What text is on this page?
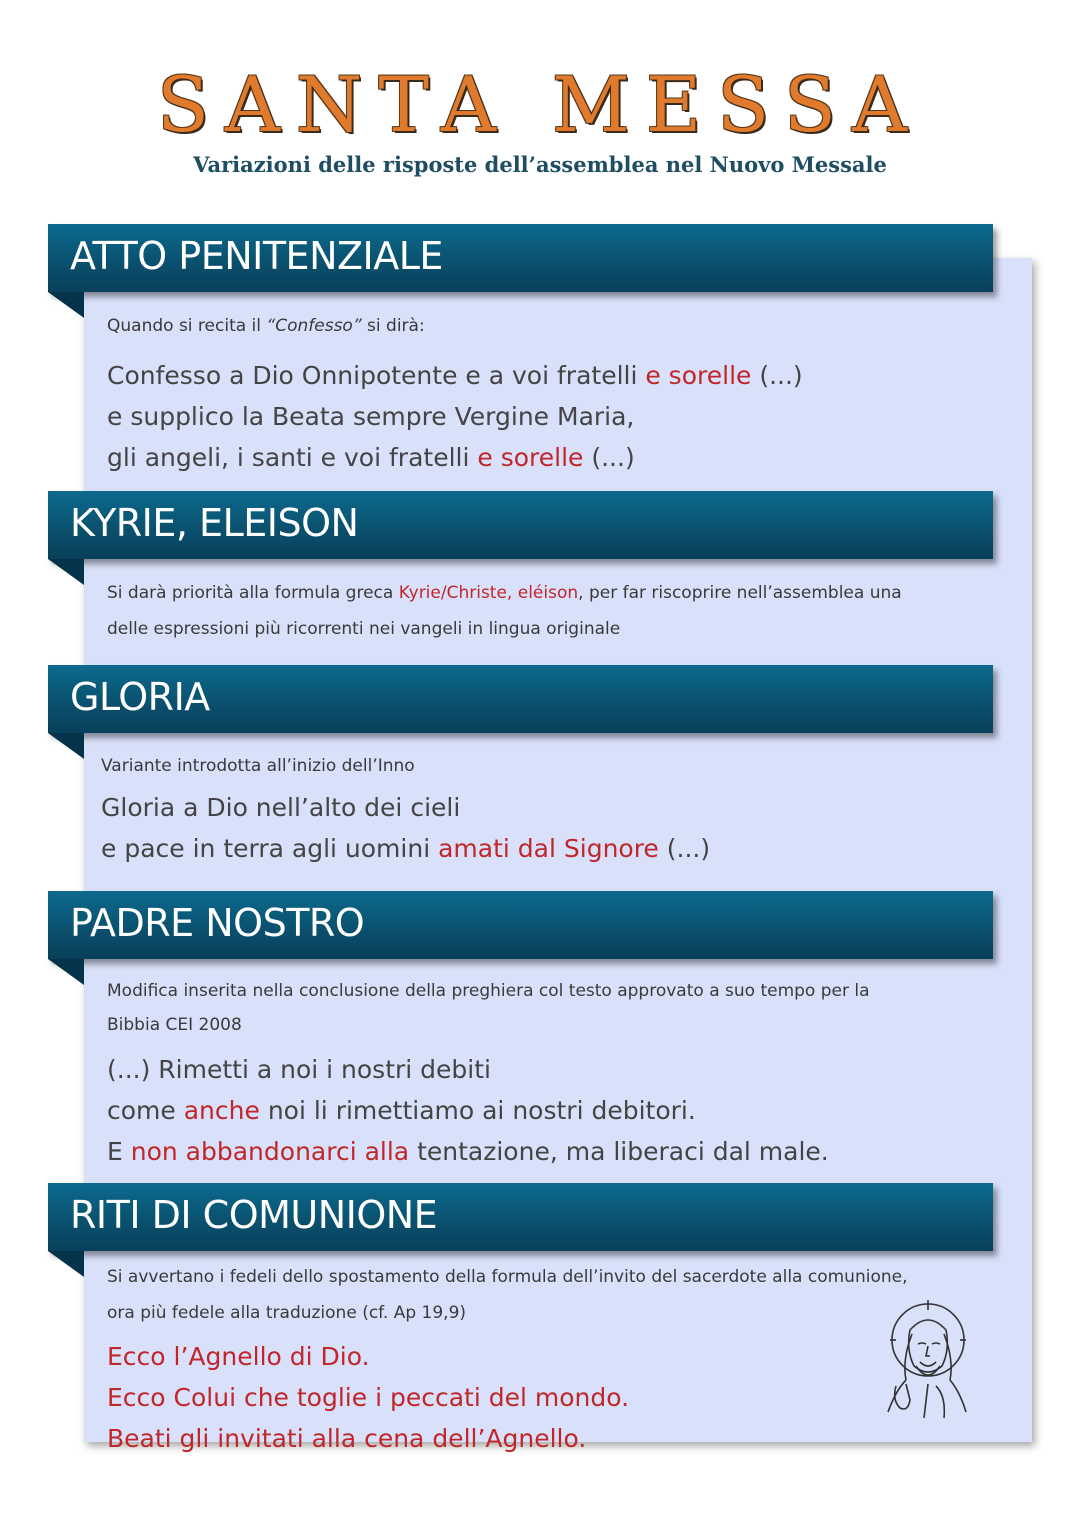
SANTA MESSA
Variazioni delle risposte dell’assemblea nel Nuovo Messale
ATTO PENITENZIALE
Quando si recita il “Confesso” si dirà:
Confesso a Dio Onnipotente e a voi fratelli e sorelle (...)
e supplico la Beata sempre Vergine Maria,
gli angeli, i santi e voi fratelli e sorelle (...)
KYRIE, ELEISON
Si darà priorità alla formula greca Kyrie/Christe, eléison, per far riscoprire nell’assemblea una
delle espressioni più ricorrenti nei vangeli in lingua originale
GLORIA
Variante introdotta all’inizio dell’Inno
Gloria a Dio nell’alto dei cieli
e pace in terra agli uomini amati dal Signore (...)
PADRE NOSTRO
Modifica inserita nella conclusione della preghiera col testo approvato a suo tempo per la
Bibbia CEI 2008
(...) Rimetti a noi i nostri debiti
come anche noi li rimettiamo ai nostri debitori.
E non abbandonarci alla tentazione, ma liberaci dal male.
RITI DI COMUNIONE
Si avvertano i fedeli dello spostamento della formula dell’invito del sacerdote alla comunione,
ora più fedele alla traduzione (cf. Ap 19,9)
Ecco l’Agnello di Dio.
Ecco Colui che toglie i peccati del mondo.
Beati gli invitati alla cena dell’Agnello.
